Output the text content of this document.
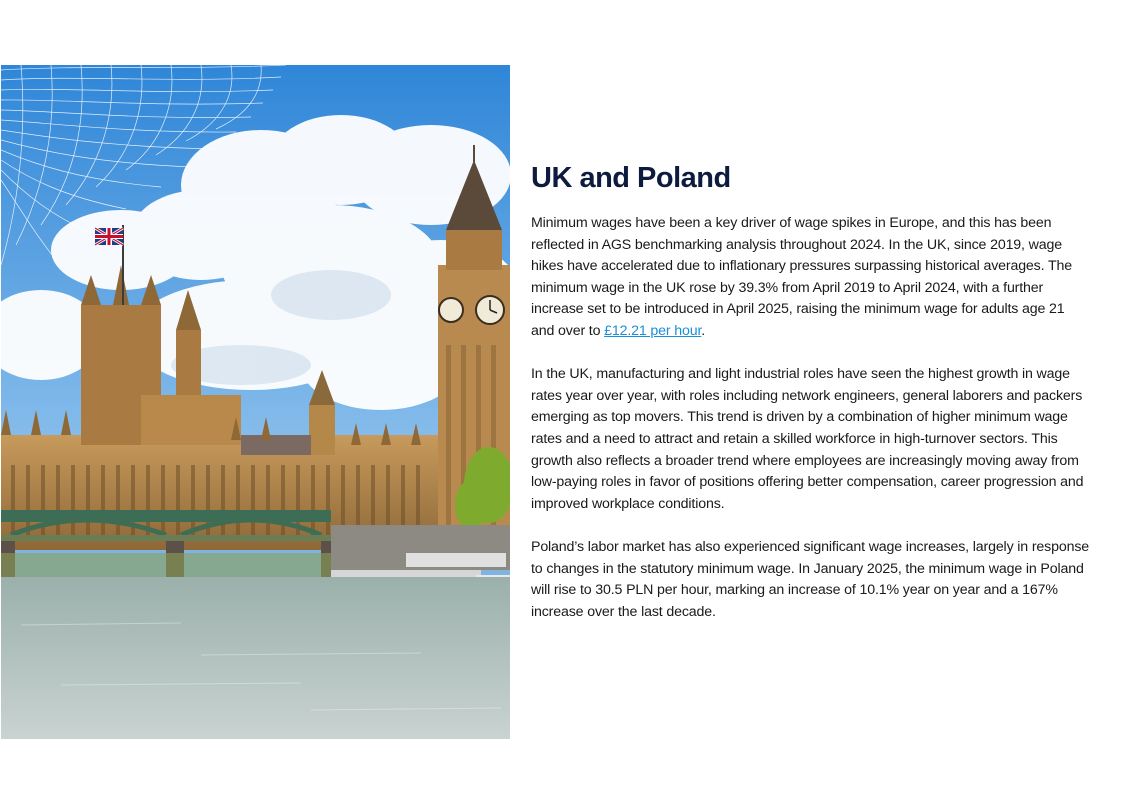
UK and Poland

Minimum wages have been a key driver of wage spikes in Europe, and this has been reflected in AGS benchmarking analysis throughout 2024. In the UK, since 2019, wage hikes have accelerated due to inflationary pressures surpassing historical averages. The minimum wage in the UK rose by 39.3% from April 2019 to April 2024, with a further increase set to be introduced in April 2025, raising the minimum wage for adults age 21 and over to £12.21 per hour.

In the UK, manufacturing and light industrial roles have seen the highest growth in wage rates year over year, with roles including network engineers, general laborers and packers emerging as top movers. This trend is driven by a combination of higher minimum wage rates and a need to attract and retain a skilled workforce in high-turnover sectors. This growth also reflects a broader trend where employees are increasingly moving away from low-paying roles in favor of positions offering better compensation, career progression and improved workplace conditions.

Poland’s labor market has also experienced significant wage increases, largely in response to changes in the statutory minimum wage. In January 2025, the minimum wage in Poland will rise to 30.5 PLN per hour, marking an increase of 10.1% year on year and a 167% increase over the last decade.
